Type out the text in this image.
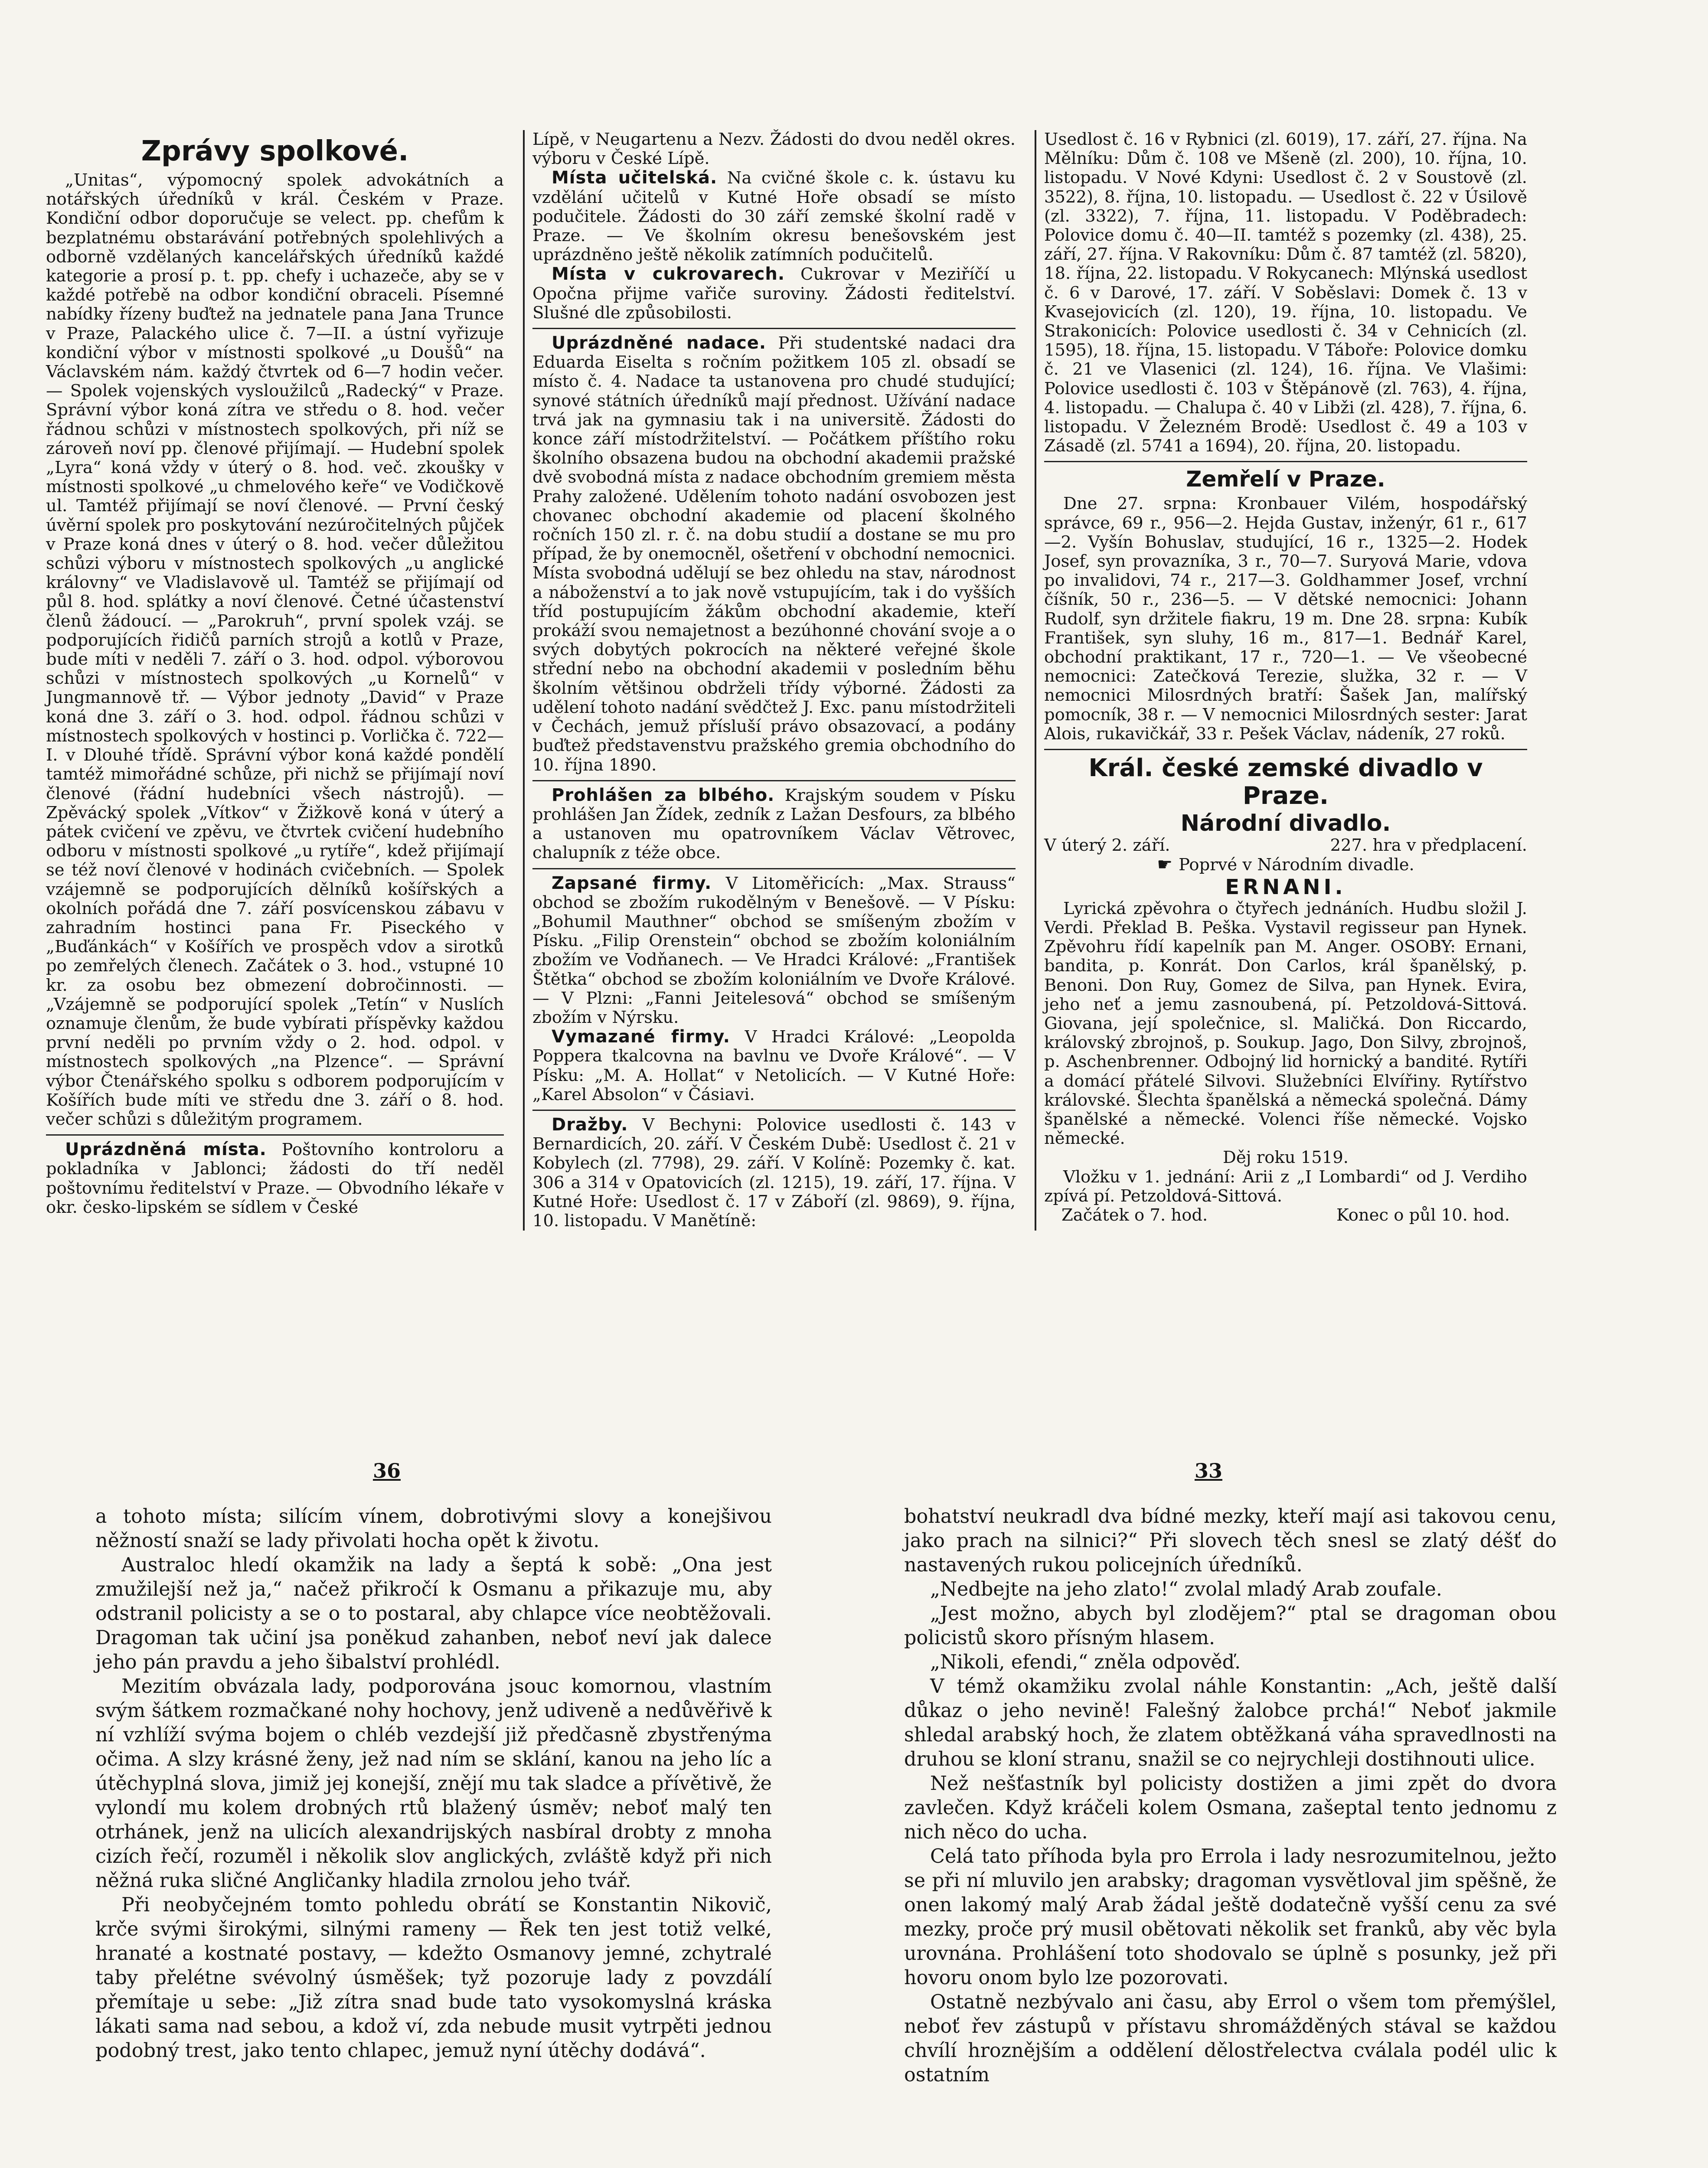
Zprávy spolkové.

„Unitas“, výpomocný spolek advokátních a notářských úředníků v král. Českém v Praze. Kondiční odbor doporučuje se velect. pp. chefům k bezplatnému obstarávání potřebných spolehlivých a odborně vzdělaných kancelářských úředníků každé kategorie a prosí p. t. pp. chefy i uchazeče, aby se v každé potřebě na odbor kondiční obraceli. Písemné nabídky řízeny buďtež na jednatele pana Jana Trunce v Praze, Palackého ulice č. 7—II. a ústní vyřizuje kondiční výbor v místnosti spolkové „u Doušů“ na Václavském nám. každý čtvrtek od 6—7 hodin večer. — Spolek vojenských vysloužilců „Radecký“ v Praze. Správní výbor koná zítra ve středu o 8. hod. večer řádnou schůzi v místnostech spolkových, při níž se zároveň noví pp. členové přijímají. — Hudební spolek „Lyra“ koná vždy v úterý o 8. hod. več. zkoušky v místnosti spolkové „u chmelového keře“ ve Vodičkově ul. Tamtéž přijímají se noví členové. — První český úvěrní spolek pro poskytování nezúročitelných půjček v Praze koná dnes v úterý o 8. hod. večer důležitou schůzi výboru v místnostech spolkových „u anglické královny“ ve Vladislavově ul. Tamtéž se přijímají od půl 8. hod. splátky a noví členové. Četné účastenství členů žádoucí. — „Parokruh“, první spolek vzáj. se podporujících řidičů parních strojů a kotlů v Praze, bude míti v neděli 7. září o 3. hod. odpol. výborovou schůzi v místnostech spolkových „u Kornelů“ v Jungmannově tř. — Výbor jednoty „David“ v Praze koná dne 3. září o 3. hod. odpol. řádnou schůzi v místnostech spolkových v hostinci p. Vorlička č. 722—I. v Dlouhé třídě. Správní výbor koná každé pondělí tamtéž mimořádné schůze, při nichž se přijímají noví členové (řádní hudebníci všech nástrojů). — Zpěvácký spolek „Vítkov“ v Žižkově koná v úterý a pátek cvičení ve zpěvu, ve čtvrtek cvičení hudebního odboru v místnosti spolkové „u rytíře“, kdež přijímají se též noví členové v hodinách cvičebních. — Spolek vzájemně se podporujících dělníků košířských a okolních pořádá dne 7. září posvícenskou zábavu v zahradním hostinci pana Fr. Piseckého v „Buďánkách“ v Košířích ve prospěch vdov a sirotků po zemřelých členech. Začátek o 3. hod., vstupné 10 kr. za osobu bez obmezení dobročinnosti. — „Vzájemně se podporující spolek „Tetín“ v Nuslích oznamuje členům, že bude vybírati příspěvky každou první neděli po prvním vždy o 2. hod. odpol. v místnostech spolkových „na Plzence“. — Správní výbor Čtenářského spolku s odborem podporujícím v Košířích bude míti ve středu dne 3. září o 8. hod. večer schůzi s důležitým programem.

Uprázdněná místa. Poštovního kontroloru a pokladníka v Jablonci; žádosti do tří neděl poštovnímu ředitelství v Praze. — Obvodního lékaře v okr. česko-lipském se sídlem v České

Lípě, v Neugartenu a Nezv. Žádosti do dvou neděl okres. výboru v České Lípě.

Místa učitelská. Na cvičné škole c. k. ústavu ku vzdělání učitelů v Kutné Hoře obsadí se místo podučitele. Žádosti do 30 září zemské školní radě v Praze. — Ve školním okresu benešovském jest uprázdněno ještě několik zatímních podučitelů.

Místa v cukrovarech. Cukrovar v Meziříčí u Opočna přijme vařiče suroviny. Žádosti ředitelství. Slušné dle způsobilosti.

Uprázdněné nadace. Při studentské nadaci dra Eduarda Eiselta s ročním požitkem 105 zl. obsadí se místo č. 4. Nadace ta ustanovena pro chudé studující; synové státních úředníků mají přednost. Užívání nadace trvá jak na gymnasiu tak i na universitě. Žádosti do konce září místodržitelství. — Počátkem příštího roku školního obsazena budou na obchodní akademii pražské dvě svobodná místa z nadace obchodním gremiem města Prahy založené. Udělením tohoto nadání osvobozen jest chovanec obchodní akademie od placení školného ročních 150 zl. r. č. na dobu studií a dostane se mu pro případ, že by onemocněl, ošetření v obchodní nemocnici. Místa svobodná udělují se bez ohledu na stav, národnost a náboženství a to jak nově vstupujícím, tak i do vyšších tříd postupujícím žákům obchodní akademie, kteří prokáží svou nemajetnost a bezúhonné chování svoje a o svých dobytých pokrocích na některé veřejné škole střední nebo na obchodní akademii v posledním běhu školním většinou obdrželi třídy výborné. Žádosti za udělení tohoto nadání svědčtež J. Exc. panu místodržiteli v Čechách, jemuž přísluší právo obsazovací, a podány buďtež představenstvu pražského gremia obchodního do 10. října 1890.

Prohlášen za blbého. Krajským soudem v Písku prohlášen Jan Žídek, zedník z Lažan Desfours, za blbého a ustanoven mu opatrovníkem Václav Větrovec, chalupník z téže obce.

Zapsané firmy. V Litoměřicích: „Max. Strauss“ obchod se zbožím rukodělným v Benešově. — V Písku: „Bohumil Mauthner“ obchod se smíšeným zbožím v Písku. „Filip Orenstein“ obchod se zbožím koloniálním zbožím ve Vodňanech. — Ve Hradci Králové: „František Štětka“ obchod se zbožím koloniálním ve Dvoře Králové. — V Plzni: „Fanni Jeitelesová“ obchod se smíšeným zbožím v Nýrsku.

Vymazané firmy. V Hradci Králové: „Leopolda Poppera tkalcovna na bavlnu ve Dvoře Králové“. — V Písku: „M. A. Hollat“ v Netolicích. — V Kutné Hoře: „Karel Absolon“ v Čásiavi.

Dražby. V Bechyni: Polovice usedlosti č. 143 v Bernardicích, 20. září. V Českém Dubě: Usedlost č. 21 v Kobylech (zl. 7798), 29. září. V Kolíně: Pozemky č. kat. 306 a 314 v Opatovicích (zl. 1215), 19. září, 17. října. V Kutné Hoře: Usedlost č. 17 v Záboří (zl. 9869), 9. října, 10. listopadu. V Manětíně:

Usedlost č. 16 v Rybnici (zl. 6019), 17. září, 27. října. Na Mělníku: Dům č. 108 ve Mšeně (zl. 200), 10. října, 10. listopadu. V Nové Kdyni: Usedlost č. 2 v Soustově (zl. 3522), 8. října, 10. listopadu. — Usedlost č. 22 v Úsilově (zl. 3322), 7. října, 11. listopadu. V Poděbradech: Polovice domu č. 40—II. tamtéž s pozemky (zl. 438), 25. září, 27. října. V Rakovníku: Dům č. 87 tamtéž (zl. 5820), 18. října, 22. listopadu. V Rokycanech: Mlýnská usedlost č. 6 v Darové, 17. září. V Soběslavi: Domek č. 13 v Kvasejovicích (zl. 120), 19. října, 10. listopadu. Ve Strakonicích: Polovice usedlosti č. 34 v Cehnicích (zl. 1595), 18. října, 15. listopadu. V Táboře: Polovice domku č. 21 ve Vlasenici (zl. 124), 16. října. Ve Vlašimi: Polovice usedlosti č. 103 v Štěpánově (zl. 763), 4. října, 4. listopadu. — Chalupa č. 40 v Libži (zl. 428), 7. října, 6. listopadu. V Železném Brodě: Usedlost č. 49 a 103 v Zásadě (zl. 5741 a 1694), 20. října, 20. listopadu.

Zemřelí v Praze.

Dne 27. srpna: Kronbauer Vilém, hospodářský správce, 69 r., 956—2. Hejda Gustav, inženýr, 61 r., 617—2. Vyšín Bohuslav, studující, 16 r., 1325—2. Hodek Josef, syn provazníka, 3 r., 70—7. Suryová Marie, vdova po invalidovi, 74 r., 217—3. Goldhammer Josef, vrchní číšník, 50 r., 236—5. — V dětské nemocnici: Johann Rudolf, syn držitele fiakru, 19 m. Dne 28. srpna: Kubík František, syn sluhy, 16 m., 817—1. Bednář Karel, obchodní praktikant, 17 r., 720—1. — Ve všeobecné nemocnici: Zatečková Terezie, služka, 32 r. — V nemocnici Milosrdných bratří: Šašek Jan, malířský pomocník, 38 r. — V nemocnici Milosrdných sester: Jarat Alois, rukavičkář, 33 r. Pešek Václav, nádeník, 27 roků.

Král. české zemské divadlo v Praze.
Národní divadlo.
V úterý 2. září.	227. hra v předplacení.

☛ Poprvé v Národním divadle.

ERNANI.

Lyrická zpěvohra o čtyřech jednáních. Hudbu složil J. Verdi. Překlad B. Peška. Vystavil regisseur pan Hynek. Zpěvohru řídí kapelník pan M. Anger. OSOBY: Ernani, bandita, p. Konrát. Don Carlos, král španělský, p. Benoni. Don Ruy, Gomez de Silva, pan Hynek. Evira, jeho neť a jemu zasnoubená, pí. Petzoldová-Sittová. Giovana, její společnice, sl. Maličká. Don Riccardo, královský zbrojnoš, p. Soukup. Jago, Don Silvy, zbrojnoš, p. Aschenbrenner. Odbojný lid hornický a bandité. Rytíři a domácí přátelé Silvovi. Služebníci Elvířiny. Rytířstvo královské. Šlechta španělská a německá společná. Dámy španělské a německé. Volenci říše německé. Vojsko německé.

Děj roku 1519.

Vložku v 1. jednání: Arii z „I Lombardi“ od J. Verdiho zpívá pí. Petzoldová-Sittová.

Začátek o 7. hod.	Konec o půl 10. hod.
36	33

a tohoto místa; silícím vínem, dobrotivými slovy a konejšivou něžností snaží se lady přivolati hocha opět k životu.

Australoc hledí okamžik na lady a šeptá k sobě: „Ona jest zmužilejší než ja,“ načež přikročí k Osmanu a přikazuje mu, aby odstranil policisty a se o to postaral, aby chlapce více neobtěžovali. Dragoman tak učiní jsa poněkud zahanben, neboť neví jak dalece jeho pán pravdu a jeho šibalství prohlédl.

Mezitím obvázala lady, podporována jsouc komornou, vlastním svým šátkem rozmačkané nohy hochovy, jenž udiveně a nedůvěřivě k ní vzhlíží svýma bojem o chléb vezdejší již předčasně zbystřenýma očima. A slzy krásné ženy, jež nad ním se sklání, kanou na jeho líc a útěchyplná slova, jimiž jej konejší, znějí mu tak sladce a přívětivě, že vylondí mu kolem drobných rtů blažený úsměv; neboť malý ten otrhánek, jenž na ulicích alexandrijských nasbíral drobty z mnoha cizích řečí, rozuměl i několik slov anglických, zvláště když při nich něžná ruka sličné Angličanky hladila zrnolou jeho tvář.

Při neobyčejném tomto pohledu obrátí se Konstantin Nikovič, krče svými širokými, silnými rameny — Řek ten jest totiž velké, hranaté a kostnaté postavy, — kdežto Osmanovy jemné, zchytralé taby přelétne svévolný úsměšek; tyž pozoruje lady z povzdálí přemítaje u sebe: „Již zítra snad bude tato vysokomyslná kráska lákati sama nad sebou, a kdož ví, zda nebude musit vytrpěti jednou podobný trest, jako tento chlapec, jemuž nyní útěchy dodává“.

bohatství neukradl dva bídné mezky, kteří mají asi takovou cenu, jako prach na silnici?“ Při slovech těch snesl se zlatý déšť do nastavených rukou policejních úředníků.

„Nedbejte na jeho zlato!“ zvolal mladý Arab zoufale.

„Jest možno, abych byl zlodějem?“ ptal se dragoman obou policistů skoro přísným hlasem.

„Nikoli, efendi,“ zněla odpověď.

V témž okamžiku zvolal náhle Konstantin: „Ach, ještě další důkaz o jeho nevině! Falešný žalobce prchá!“ Neboť jakmile shledal arabský hoch, že zlatem obtěžkaná váha spravedlnosti na druhou se kloní stranu, snažil se co nejrychleji dostihnouti ulice.

Než nešťastník byl policisty dostižen a jimi zpět do dvora zavlečen. Když kráčeli kolem Osmana, zašeptal tento jednomu z nich něco do ucha.

Celá tato příhoda byla pro Errola i lady nesrozumitelnou, ježto se při ní mluvilo jen arabsky; dragoman vysvětloval jim spěšně, že onen lakomý malý Arab žádal ještě dodatečně vyšší cenu za své mezky, proče prý musil obětovati několik set franků, aby věc byla urovnána. Prohlášení toto shodovalo se úplně s posunky, jež při hovoru onom bylo lze pozorovati.

Ostatně nezbývalo ani času, aby Errol o všem tom přemýšlel, neboť řev zástupů v přístavu shromážděných stával se každou chvílí hroznějším a oddělení dělostřelectva cválala podél ulic k ostatním
